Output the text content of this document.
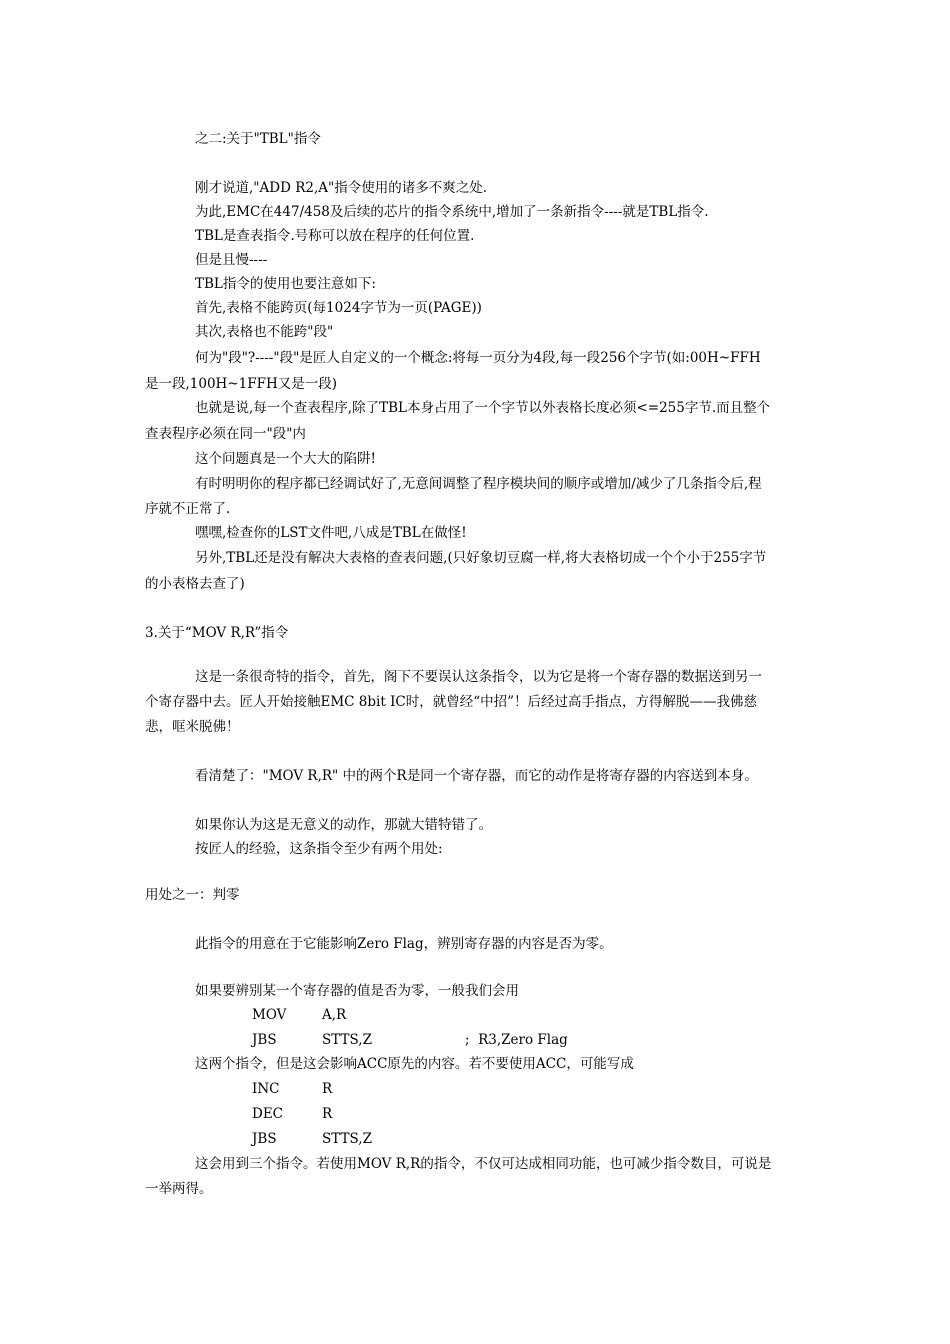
之二:关于"TBL"指令
刚才说道,"ADD R2,A"指令使用的诸多不爽之处.
为此,EMC在447/458及后续的芯片的指令系统中,增加了一条新指令----就是TBL指令.
TBL是查表指令.号称可以放在程序的任何位置.
但是且慢----
TBL指令的使用也要注意如下:
首先,表格不能跨页(每1024字节为一页(PAGE))
其次,表格也不能跨"段"
何为"段"?----"段"是匠人自定义的一个概念:将每一页分为4段,每一段256个字节(如:00H~FFH
是一段,100H~1FFH又是一段)
也就是说,每一个查表程序,除了TBL本身占用了一个字节以外表格长度必须<=255字节.而且整个
查表程序必须在同一"段"内
这个问题真是一个大大的陷阱!
有时明明你的程序都已经调试好了,无意间调整了程序模块间的顺序或增加/减少了几条指令后,程
序就不正常了.
嘿嘿,检查你的LST文件吧,八成是TBL在做怪!
另外,TBL还是没有解决大表格的查表问题,(只好象切豆腐一样,将大表格切成一个个小于255字节
的小表格去查了)
3.关于“MOV R,R”指令
这是一条很奇特的指令，首先，阁下不要误认这条指令，以为它是将一个寄存器的数据送到另一
个寄存器中去。匠人开始接触EMC 8bit IC时，就曾经“中招”！后经过高手指点，方得解脱——我佛慈
悲，哐米脱佛！
看清楚了："MOV R,R" 中的两个R是同一个寄存器，而它的动作是将寄存器的内容送到本身。
如果你认为这是无意义的动作，那就大错特错了。
按匠人的经验，这条指令至少有两个用处:
用处之一：判零
此指令的用意在于它能影响Zero Flag，辨别寄存器的内容是否为零。
如果要辨别某一个寄存器的值是否为零，一般我们会用
MOV	A,R
JBS	STTS,Z	;  R3,Zero Flag
这两个指令，但是这会影响ACC原先的内容。若不要使用ACC，可能写成
INC	R
DEC	R
JBS	STTS,Z
这会用到三个指令。若使用MOV R,R的指令，不仅可达成相同功能，也可减少指令数目，可说是
一举两得。
